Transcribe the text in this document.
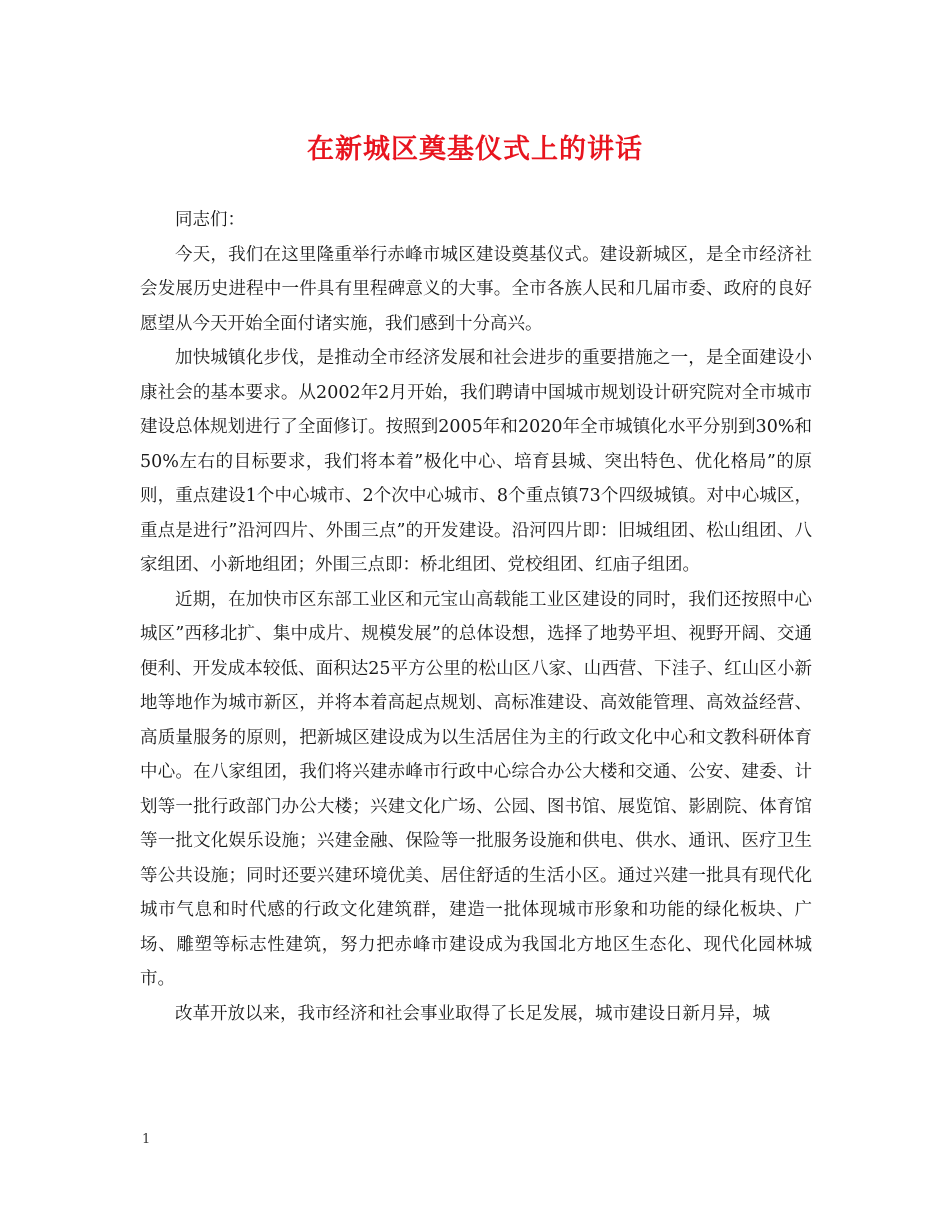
在新城区奠基仪式上的讲话

同志们：

今天，我们在这里隆重举行赤峰市城区建设奠基仪式。建设新城区，是全市经济社会发展历史进程中一件具有里程碑意义的大事。全市各族人民和几届市委、政府的良好愿望从今天开始全面付诸实施，我们感到十分高兴。

加快城镇化步伐，是推动全市经济发展和社会进步的重要措施之一，是全面建设小康社会的基本要求。从2002年2月开始，我们聘请中国城市规划设计研究院对全市城市建设总体规划进行了全面修订。按照到2005年和2020年全市城镇化水平分别到30%和50%左右的目标要求，我们将本着”极化中心、培育县城、突出特色、优化格局”的原则，重点建设1个中心城市、2个次中心城市、8个重点镇73个四级城镇。对中心城区，重点是进行”沿河四片、外围三点”的开发建设。沿河四片即：旧城组团、松山组团、八家组团、小新地组团；外围三点即：桥北组团、党校组团、红庙子组团。

近期，在加快市区东部工业区和元宝山高载能工业区建设的同时，我们还按照中心城区”西移北扩、集中成片、规模发展”的总体设想，选择了地势平坦、视野开阔、交通便利、开发成本较低、面积达25平方公里的松山区八家、山西营、下洼子、红山区小新地等地作为城市新区，并将本着高起点规划、高标准建设、高效能管理、高效益经营、高质量服务的原则，把新城区建设成为以生活居住为主的行政文化中心和文教科研体育中心。在八家组团，我们将兴建赤峰市行政中心综合办公大楼和交通、公安、建委、计划等一批行政部门办公大楼；兴建文化广场、公园、图书馆、展览馆、影剧院、体育馆等一批文化娱乐设施；兴建金融、保险等一批服务设施和供电、供水、通讯、医疗卫生等公共设施；同时还要兴建环境优美、居住舒适的生活小区。通过兴建一批具有现代化城市气息和时代感的行政文化建筑群，建造一批体现城市形象和功能的绿化板块、广场、雕塑等标志性建筑，努力把赤峰市建设成为我国北方地区生态化、现代化园林城市。

改革开放以来，我市经济和社会事业取得了长足发展，城市建设日新月异，城

1
